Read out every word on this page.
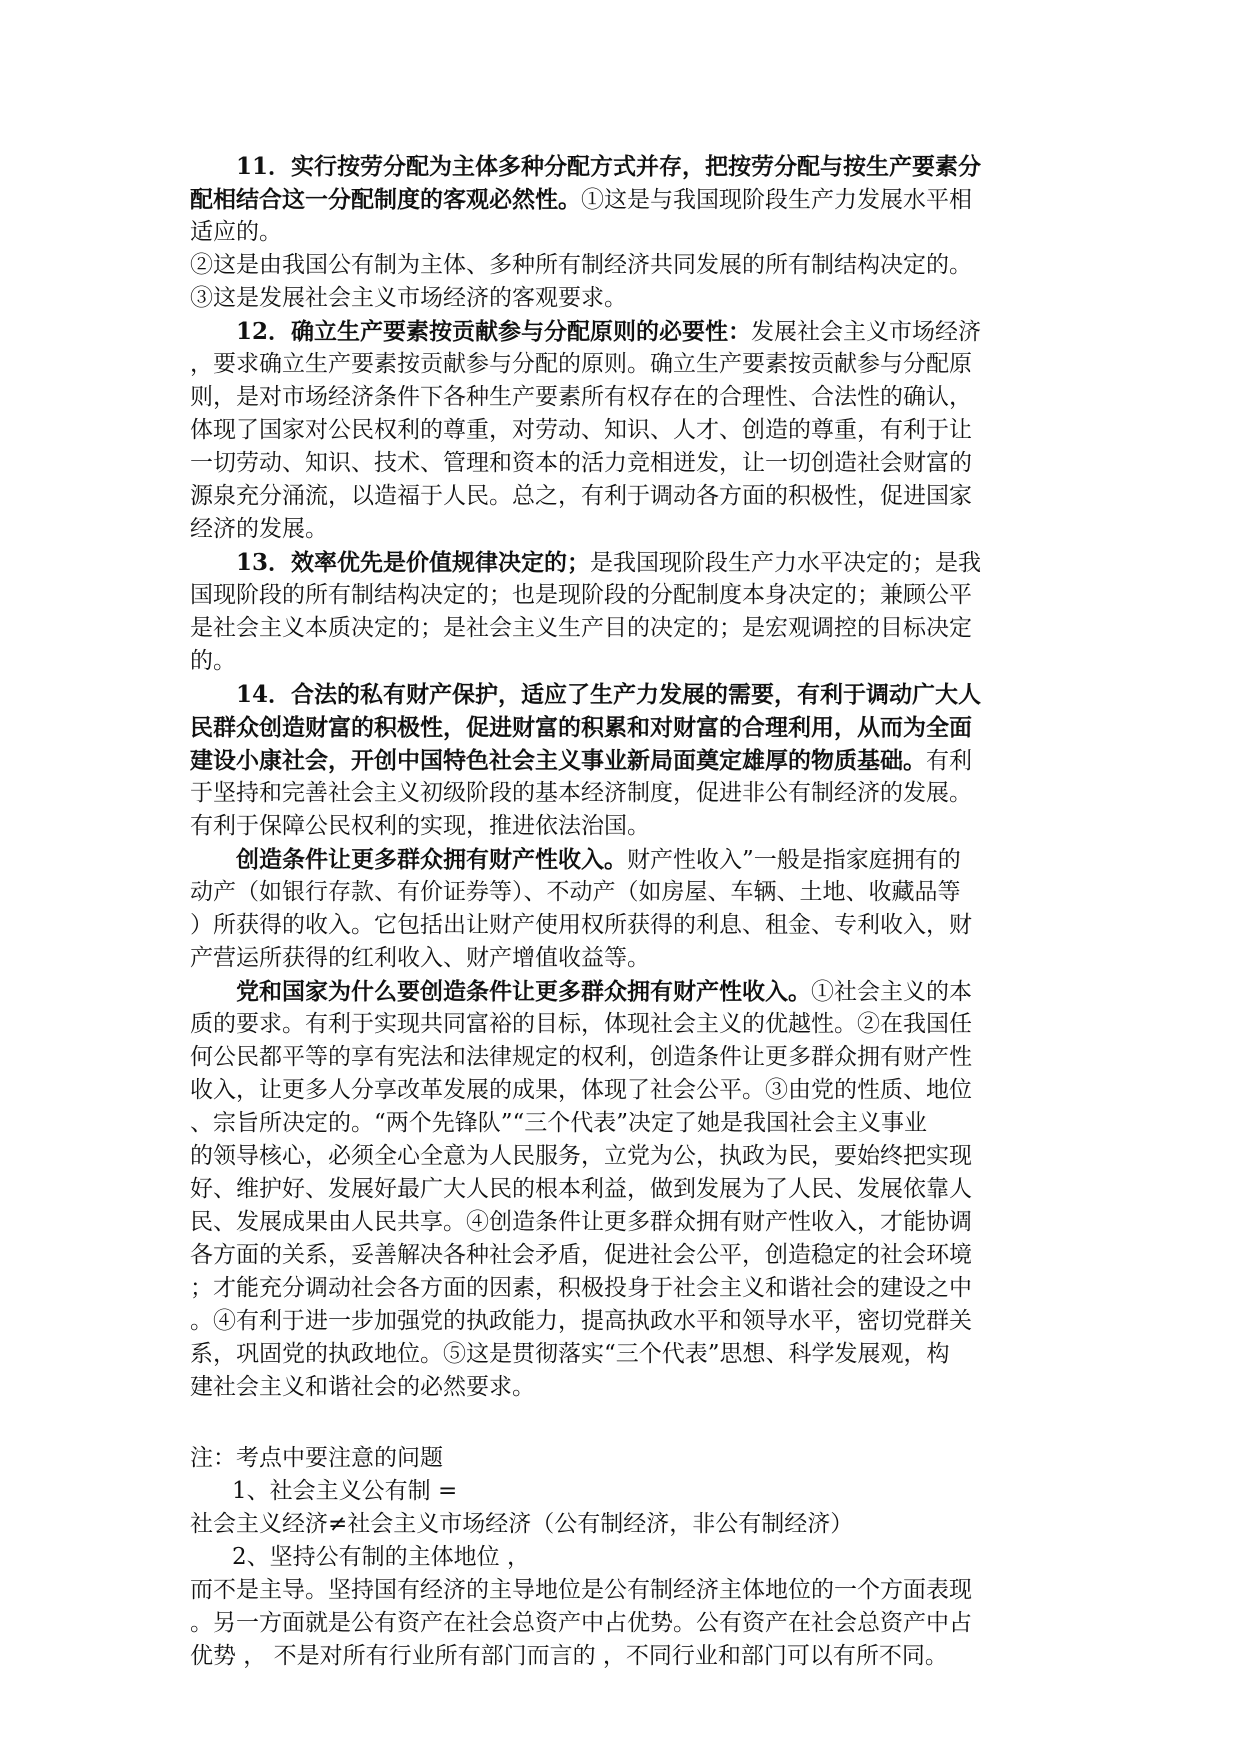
11．实行按劳分配为主体多种分配方式并存，把按劳分配与按生产要素分
配相结合这一分配制度的客观必然性。①这是与我国现阶段生产力发展水平相
适应的。
②这是由我国公有制为主体、多种所有制经济共同发展的所有制结构决定的。
③这是发展社会主义市场经济的客观要求。
12．确立生产要素按贡献参与分配原则的必要性：发展社会主义市场经济
，要求确立生产要素按贡献参与分配的原则。确立生产要素按贡献参与分配原
则，是对市场经济条件下各种生产要素所有权存在的合理性、合法性的确认，
体现了国家对公民权利的尊重，对劳动、知识、人才、创造的尊重，有利于让
一切劳动、知识、技术、管理和资本的活力竞相迸发，让一切创造社会财富的
源泉充分涌流，以造福于人民。总之，有利于调动各方面的积极性，促进国家
经济的发展。
13．效率优先是价值规律决定的；是我国现阶段生产力水平决定的；是我
国现阶段的所有制结构决定的；也是现阶段的分配制度本身决定的；兼顾公平
是社会主义本质决定的；是社会主义生产目的决定的；是宏观调控的目标决定
的。
14．合法的私有财产保护，适应了生产力发展的需要，有利于调动广大人
民群众创造财富的积极性，促进财富的积累和对财富的合理利用，从而为全面
建设小康社会，开创中国特色社会主义事业新局面奠定雄厚的物质基础。有利
于坚持和完善社会主义初级阶段的基本经济制度，促进非公有制经济的发展。
有利于保障公民权利的实现，推进依法治国。
创造条件让更多群众拥有财产性收入。财产性收入”一般是指家庭拥有的
动产（如银行存款、有价证券等）、不动产（如房屋、车辆、土地、收藏品等
）所获得的收入。它包括出让财产使用权所获得的利息、租金、专利收入，财
产营运所获得的红利收入、财产增值收益等。
党和国家为什么要创造条件让更多群众拥有财产性收入。①社会主义的本
质的要求。有利于实现共同富裕的目标，体现社会主义的优越性。②在我国任
何公民都平等的享有宪法和法律规定的权利，创造条件让更多群众拥有财产性
收入，让更多人分享改革发展的成果，体现了社会公平。③由党的性质、地位
、宗旨所决定的。“两个先锋队”“三个代表”决定了她是我国社会主义事业
的领导核心，必须全心全意为人民服务，立党为公，执政为民，要始终把实现
好、维护好、发展好最广大人民的根本利益，做到发展为了人民、发展依靠人
民、发展成果由人民共享。④创造条件让更多群众拥有财产性收入，才能协调
各方面的关系，妥善解决各种社会矛盾，促进社会公平，创造稳定的社会环境
；才能充分调动社会各方面的因素，积极投身于社会主义和谐社会的建设之中
。④有利于进一步加强党的执政能力，提高执政水平和领导水平，密切党群关
系，巩固党的执政地位。⑤这是贯彻落实“三个代表”思想、科学发展观，构
建社会主义和谐社会的必然要求。
注：考点中要注意的问题
1、社会主义公有制 =
社会主义经济≠社会主义市场经济（公有制经济，非公有制经济）
2、坚持公有制的主体地位 ，
而不是主导。坚持国有经济的主导地位是公有制经济主体地位的一个方面表现
。另一方面就是公有资产在社会总资产中占优势。公有资产在社会总资产中占
优势 ， 不是对所有行业所有部门而言的 ，不同行业和部门可以有所不同。
